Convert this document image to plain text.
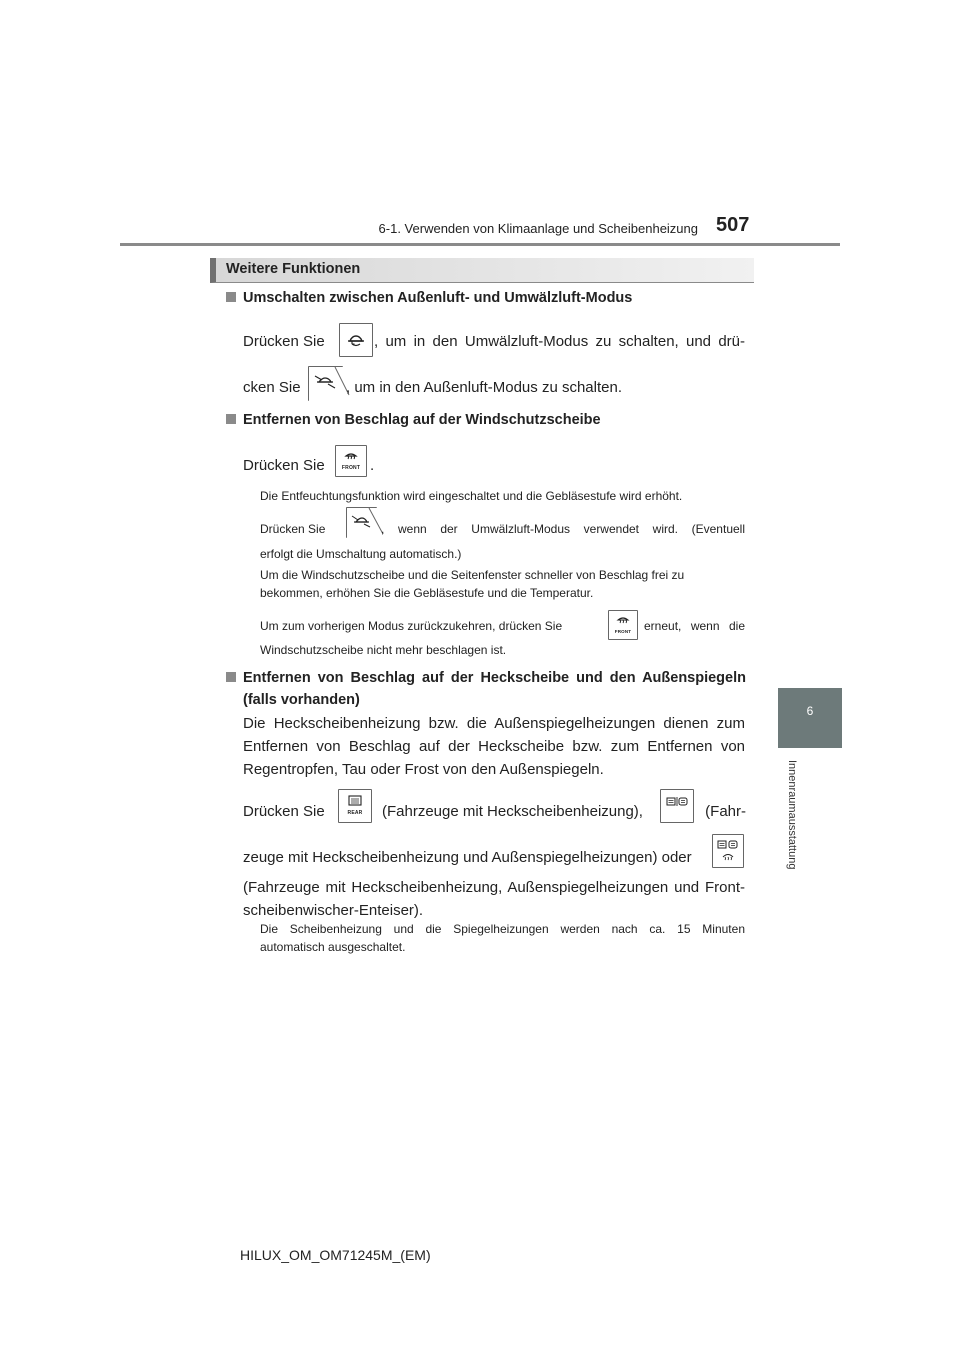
6-1. Verwenden von Klimaanlage und Scheibenheizung 507
6
Innenraumausstattung
Weitere Funktionen
Umschalten zwischen Außenluft- und Umwälzluft-Modus
Drücken Sie	, um in den Umwälzluft-Modus zu schalten, und drü-
cken Sie	, um in den Außenluft-Modus zu schalten.
Entfernen von Beschlag auf der Windschutzscheibe
Drücken Sie	FRONT .
Die Entfeuchtungsfunktion wird eingeschaltet und die Gebläsestufe wird erhöht.
Drücken Sie	, wenn der Umwälzluft-Modus verwendet wird. (Eventuell
erfolgt die Umschaltung automatisch.)
Um die Windschutzscheibe und die Seitenfenster schneller von Beschlag frei zu
bekommen, erhöhen Sie die Gebläsestufe und die Temperatur.
Um zum vorherigen Modus zurückzukehren, drücken Sie	FRONT	erneut, wenn die
Windschutzscheibe nicht mehr beschlagen ist.
Entfernen von Beschlag auf der Heckscheibe und den Außenspiegeln
(falls vorhanden)
Die Heckscheibenheizung bzw. die Außenspiegelheizungen dienen zum
Entfernen von Beschlag auf der Heckscheibe bzw. zum Entfernen von
Regentropfen, Tau oder Frost von den Außenspiegeln.
Drücken Sie	REAR	(Fahrzeuge mit Heckscheibenheizung),	(Fahr-
zeuge mit Heckscheibenheizung und Außenspiegelheizungen) oder
(Fahrzeuge mit Heckscheibenheizung, Außenspiegelheizungen und Front-
scheibenwischer-Enteiser).
Die Scheibenheizung und die Spiegelheizungen werden nach ca. 15 Minuten
automatisch ausgeschaltet.
HILUX_OM_OM71245M_(EM)
